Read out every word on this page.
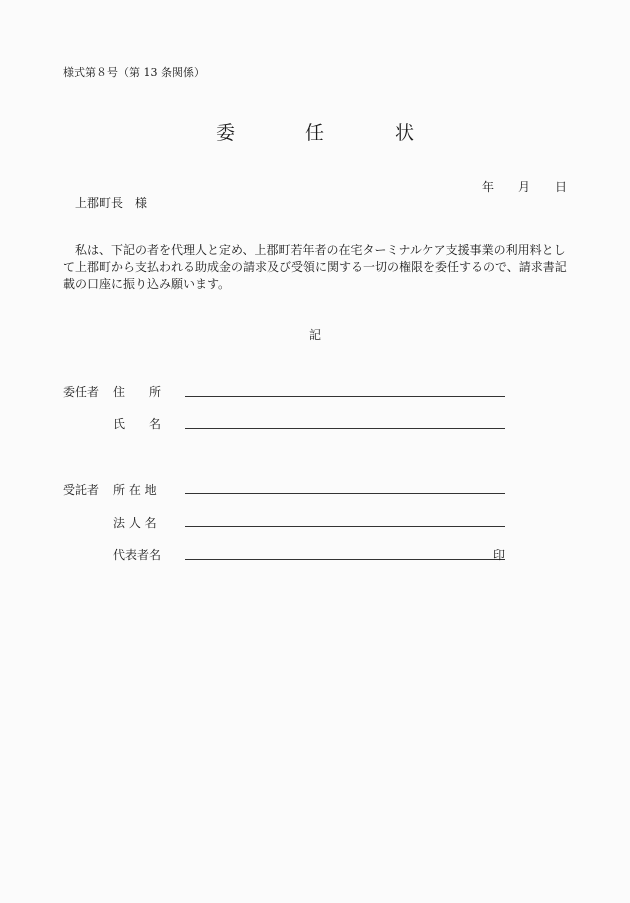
様式第８号（第 13 条関係）
委	任	状
年 月 日
上郡町長　様
私は、下記の者を代理人と定め、上郡町若年者の在宅ターミナルケア支援事業の利用料として上郡町から支払われる助成金の請求及び受領に関する一切の権限を委任するので、請求書記載の口座に振り込み願います。
記
委任者 住　　所
氏　　名
受託者 所 在 地
法 人 名
代表者名	印
